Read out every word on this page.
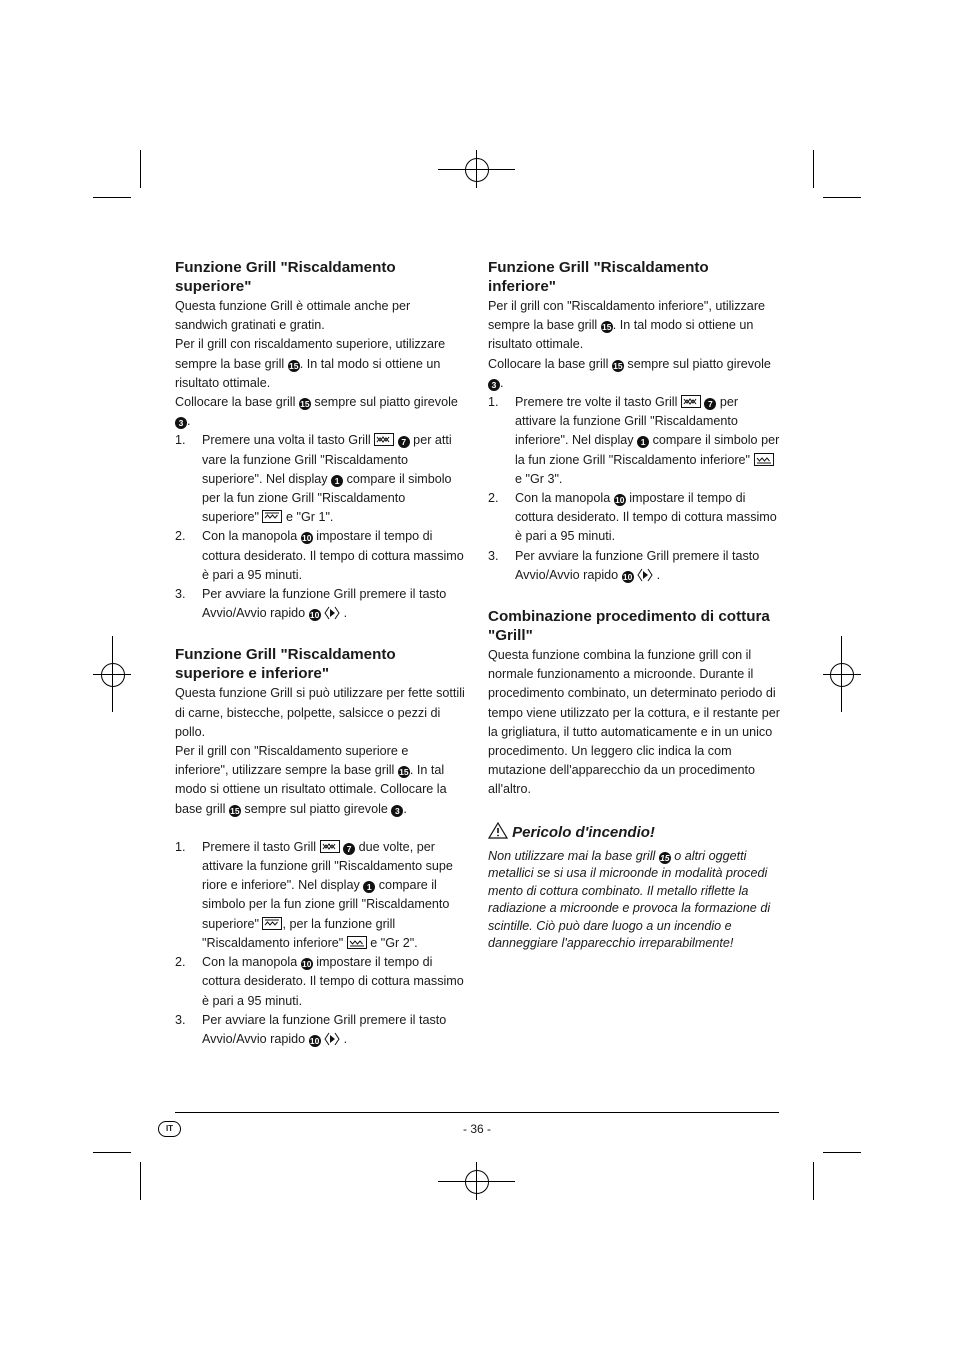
Funzione Grill "Riscaldamento superiore"

Questa funzione Grill è ottimale anche per sandwich gratinati e gratin.

Per il grill con riscaldamento superiore, utilizzare sempre la base grill 15. In tal modo si ottiene un risultato ottimale.

Collocare la base grill 15 sempre sul piatto girevole 3 .

1. Premere una volta il tasto Grill	7 per atti vare la funzione Grill "Riscaldamento superiore". Nel display 1 compare il simbolo per la fun zione Grill "Riscaldamento superiore"
e "Gr 1".
2. Con la manopola 10 impostare il tempo di cottura desiderato. Il tempo di cottura massimo è pari a 95 minuti.
3. Per avviare la funzione Grill premere il tasto Avvio/Avvio rapido 10  .
Funzione Grill "Riscaldamento superiore e inferiore"

Questa funzione Grill si può utilizzare per fette sottili di carne, bistecche, polpette, salsicce o pezzi di pollo.

Per il grill con "Riscaldamento superiore e inferiore", utilizzare sempre la base grill 15. In tal modo si ottiene un risultato ottimale. Collocare la base grill 15 sempre sul piatto girevole 3 .

1. Premere il tasto Grill	7 due volte, per attivare la funzione grill "Riscaldamento supe riore e inferiore". Nel display 1 compare il simbolo per la fun zione grill "Riscaldamento superiore"
, per la funzione grill "Riscaldamento inferiore"
e "Gr 2".
2. Con la manopola 10 impostare il tempo di cottura desiderato. Il tempo di cottura massimo è pari a 95 minuti.
3. Per avviare la funzione Grill premere il tasto Avvio/Avvio rapido 10  .
Funzione Grill "Riscaldamento inferiore"

Per il grill con "Riscaldamento inferiore", utilizzare sempre la base grill 15. In tal modo si ottiene un risultato ottimale.

Collocare la base grill 15 sempre sul piatto girevole 3 .

1. Premere tre volte il tasto Grill	7 per attivare la funzione Grill "Riscaldamento inferiore". Nel display 1 compare il simbolo per la fun zione Grill "Riscaldamento inferiore"
e "Gr 3".
2. Con la manopola 10 impostare il tempo di cottura desiderato. Il tempo di cottura massimo è pari a 95 minuti.
3. Per avviare la funzione Grill premere il tasto Avvio/Avvio rapido 10  .
Combinazione procedimento di cottura "Grill"

Questa funzione combina la funzione grill con il normale funzionamento a microonde. Durante il procedimento combinato, un determinato periodo di tempo viene utilizzato per la cottura, e il restante per la grigliatura, il tutto automaticamente e in un unico procedimento. Un leggero clic indica la com mutazione dell'apparecchio da un procedimento all'altro.

Pericolo d'incendio!

Non utilizzare mai la base grill 15 o altri oggetti metallici se si usa il microonde in modalità procedi mento di cottura combinato. Il metallo riflette la radiazione a microonde e provoca la formazione di scintille. Ciò può dare luogo a un incendio e danneggiare l'apparecchio irreparabilmente!

IT	- 36 -
